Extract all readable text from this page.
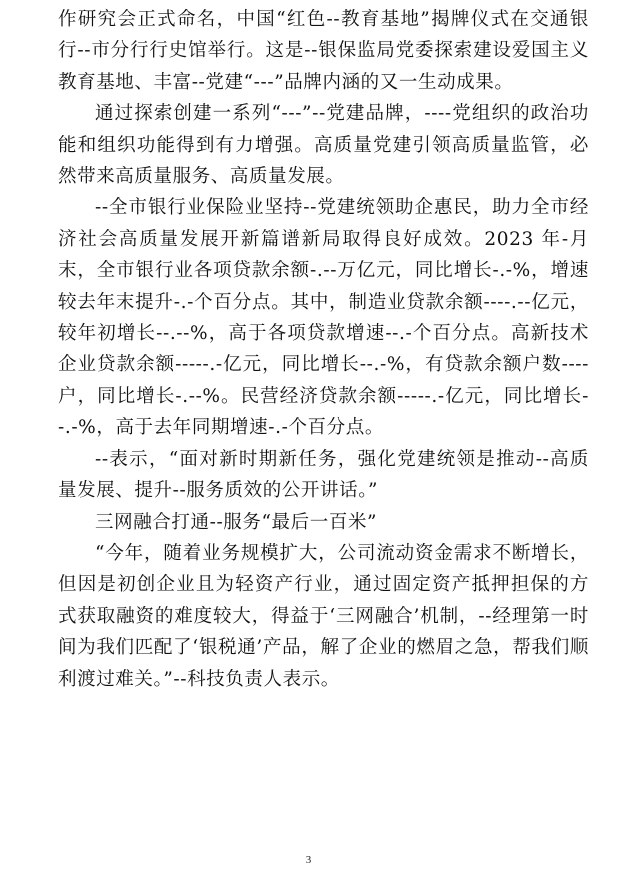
作研究会正式命名，中国“红色--教育基地”揭牌仪式在交通银行--市分行行史馆举行。这是--银保监局党委探索建设爱国主义教育基地、丰富--党建“---”品牌内涵的又一生动成果。

通过探索创建一系列“---”--党建品牌，----党组织的政治功能和组织功能得到有力增强。高质量党建引领高质量监管，必然带来高质量服务、高质量发展。

--全市银行业保险业坚持--党建统领助企惠民，助力全市经济社会高质量发展开新篇谱新局取得良好成效。2023 年-月末，全市银行业各项贷款余额-.--万亿元，同比增长-.-%，增速较去年末提升-.-个百分点。其中，制造业贷款余额----.--亿元，较年初增长--.--%，高于各项贷款增速--.-个百分点。高新技术企业贷款余额-----.-亿元，同比增长--.-%，有贷款余额户数----户，同比增长-.--%。民营经济贷款余额-----.-亿元，同比增长--.-%，高于去年同期增速-.-个百分点。

--表示，“面对新时期新任务，强化党建统领是推动--高质量发展、提升--服务质效的公开讲话。”

三网融合打通--服务“最后一百米”

“今年，随着业务规模扩大，公司流动资金需求不断增长，但因是初创企业且为轻资产行业，通过固定资产抵押担保的方式获取融资的难度较大，得益于‘三网融合’机制，--经理第一时间为我们匹配了‘银税通’产品，解了企业的燃眉之急，帮我们顺利渡过难关。”--科技负责人表示。

3
